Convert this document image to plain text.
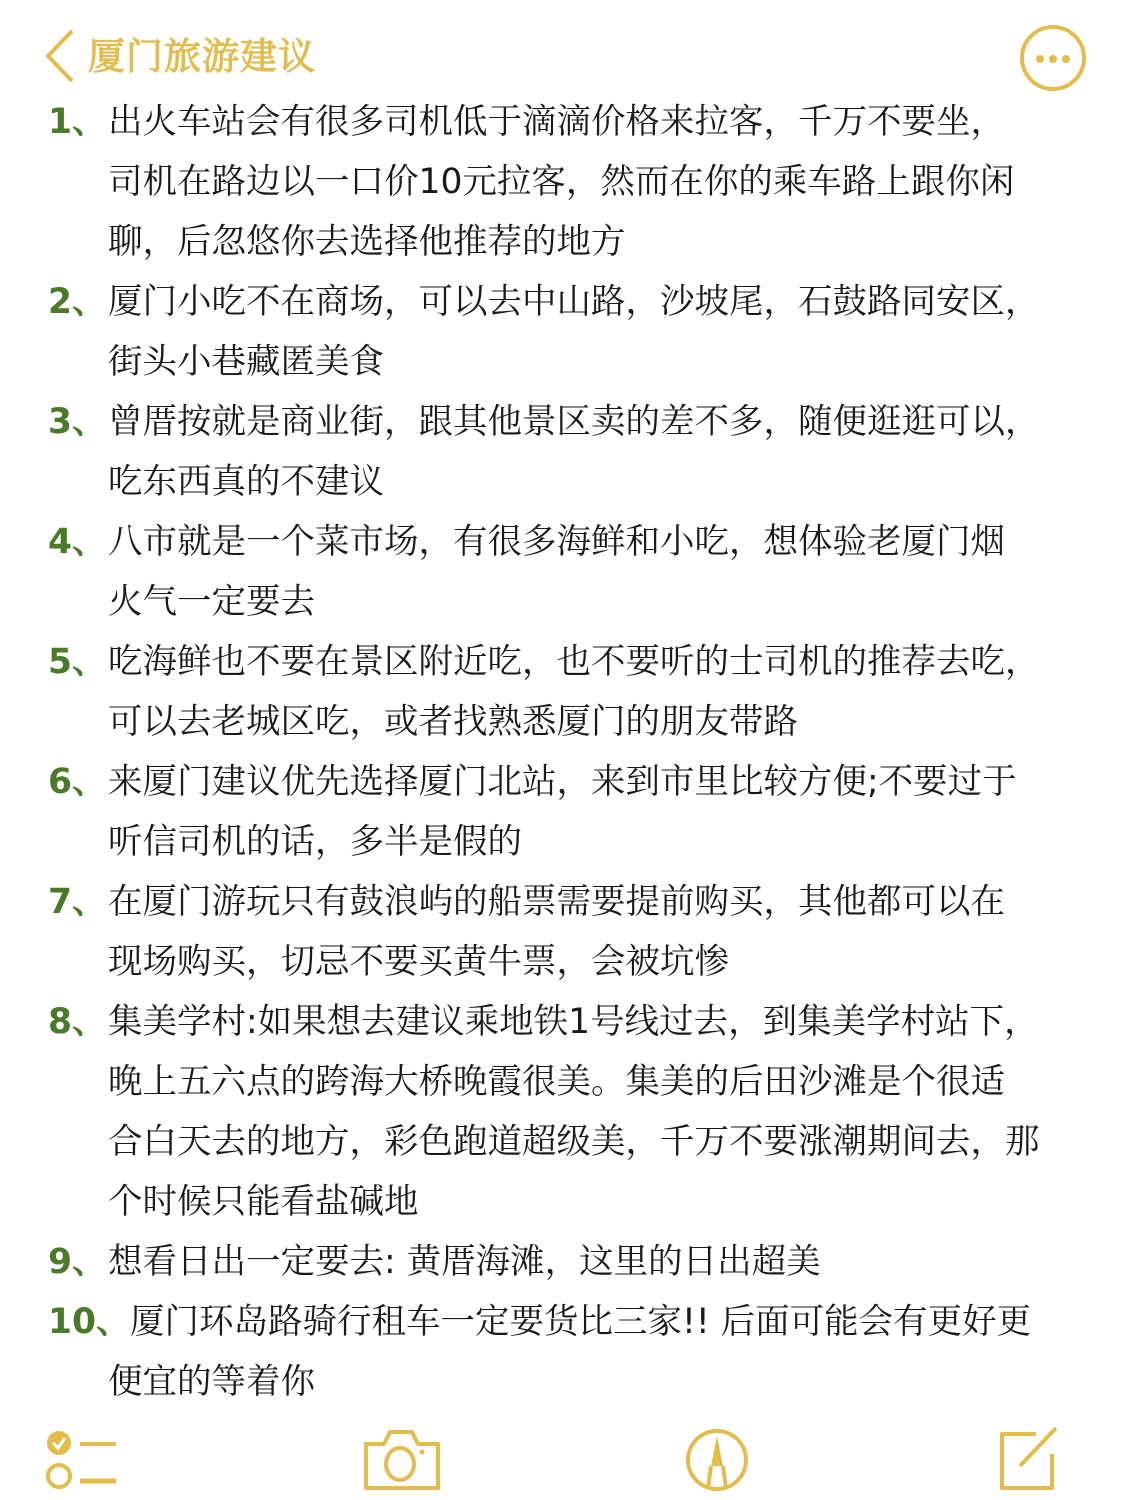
厦门旅游建议
1、 出火车站会有很多司机低于滴滴价格来拉客，千万不要坐，
司机在路边以一口价10元拉客，然而在你的乘车路上跟你闲
聊，后忽悠你去选择他推荐的地方
2、 厦门小吃不在商场，可以去中山路，沙坡尾，石鼓路同安区，
街头小巷藏匿美食
3、 曾厝按就是商业街，跟其他景区卖的差不多，随便逛逛可以，
吃东西真的不建议
4、 八市就是一个菜市场，有很多海鲜和小吃，想体验老厦门烟
火气一定要去
5、 吃海鲜也不要在景区附近吃，也不要听的士司机的推荐去吃，
可以去老城区吃，或者找熟悉厦门的朋友带路
6、 来厦门建议优先选择厦门北站，来到市里比较方便;不要过于
听信司机的话，多半是假的
7、 在厦门游玩只有鼓浪屿的船票需要提前购买，其他都可以在
现场购买，切忌不要买黄牛票，会被坑惨
8、 集美学村:如果想去建议乘地铁1号线过去，到集美学村站下，
晚上五六点的跨海大桥晚霞很美。集美的后田沙滩是个很适
合白天去的地方，彩色跑道超级美，千万不要涨潮期间去，那
个时候只能看盐碱地
9、 想看日出一定要去: 黄厝海滩，这里的日出超美
10、 厦门环岛路骑行租车一定要货比三家!! 后面可能会有更好更
便宜的等着你
